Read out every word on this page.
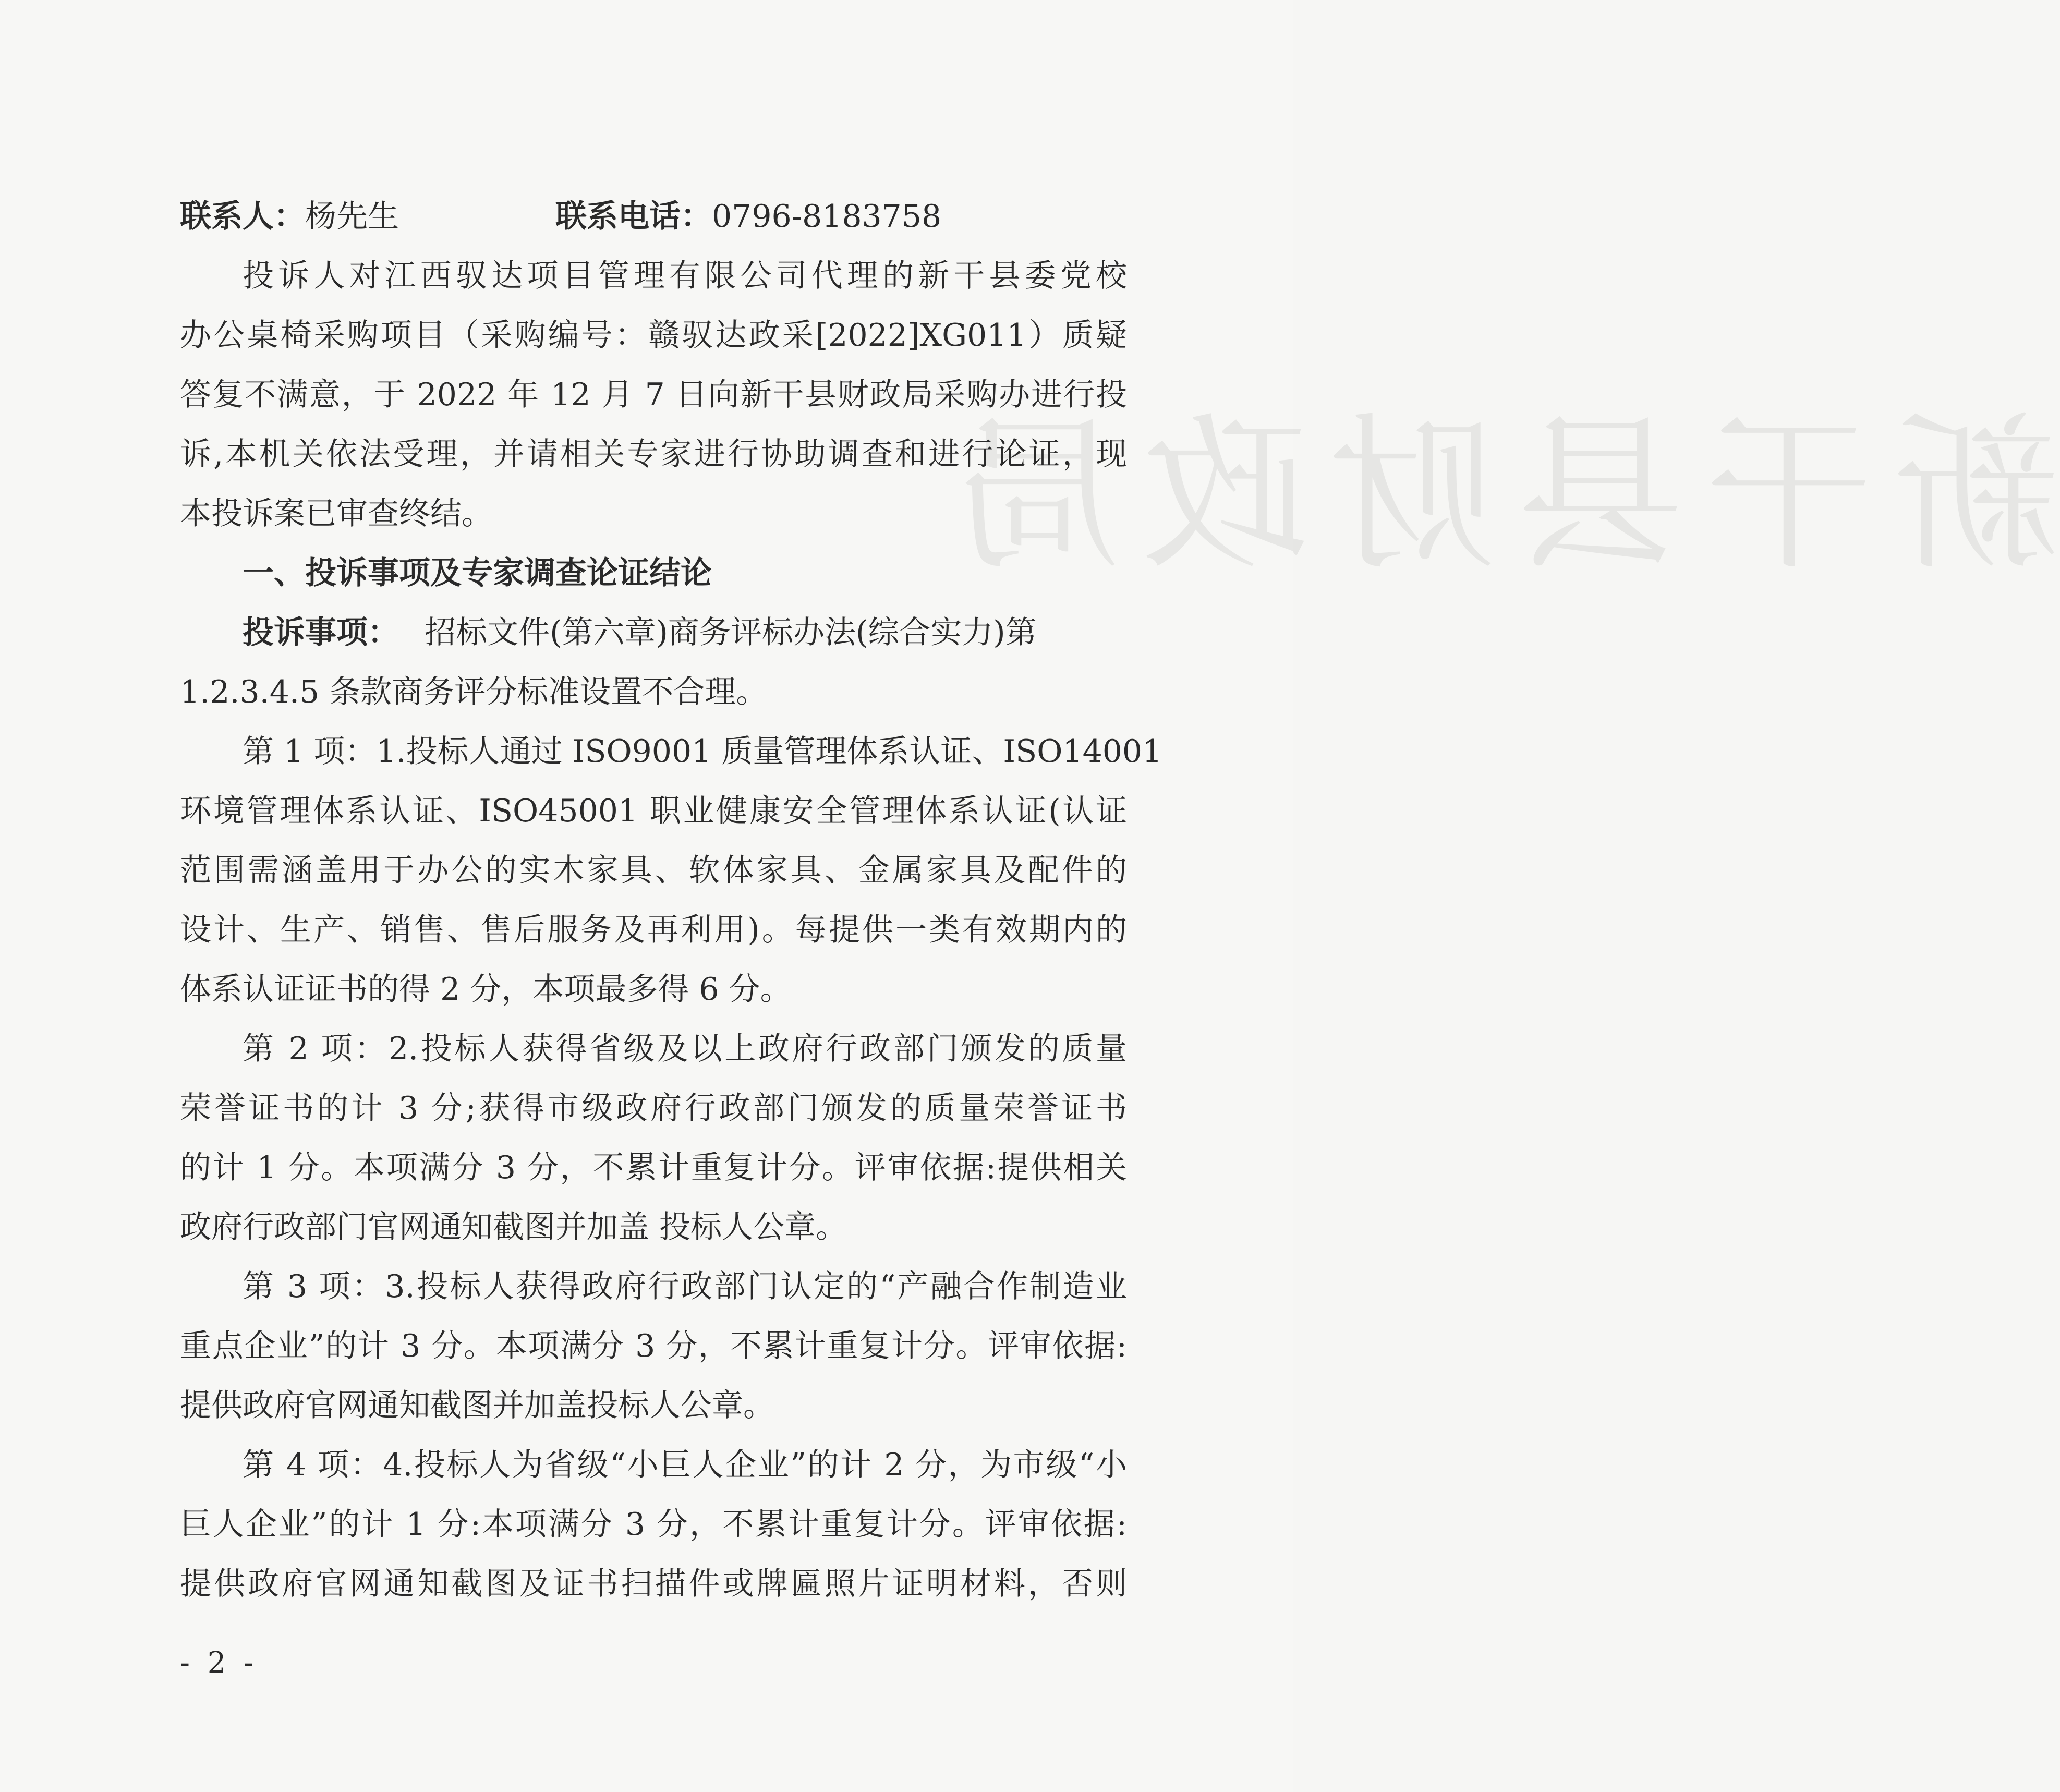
新干县财政局
联系人：杨先生	联系电话：0796-8183758
投诉人对江西驭达项目管理有限公司代理的新干县委党校
办公桌椅采购项目（采购编号：赣驭达政采[2022]XG011）质疑
答复不满意，于 2022 年 12 月 7 日向新干县财政局采购办进行投
诉,本机关依法受理，并请相关专家进行协助调查和进行论证，现
本投诉案已审查终结。
一、投诉事项及专家调查论证结论
投诉事项： 招标文件(第六章)商务评标办法(综合实力)第
1.2.3.4.5 条款商务评分标准设置不合理。
第 1 项：1.投标人通过 ISO9001 质量管理体系认证、ISO14001
环境管理体系认证、ISO45001 职业健康安全管理体系认证(认证
范围需涵盖用于办公的实木家具、软体家具、金属家具及配件的
设计、生产、销售、售后服务及再利用)。每提供一类有效期内的
体系认证证书的得 2 分，本项最多得 6 分。
第 2 项：2.投标人获得省级及以上政府行政部门颁发的质量
荣誉证书的计 3 分;获得市级政府行政部门颁发的质量荣誉证书
的计 1 分。本项满分 3 分，不累计重复计分。评审依据:提供相关
政府行政部门官网通知截图并加盖 投标人公章。
第 3 项：3.投标人获得政府行政部门认定的“产融合作制造业
重点企业”的计 3 分。本项满分 3 分，不累计重复计分。评审依据:
提供政府官网通知截图并加盖投标人公章。
第 4 项：4.投标人为省级“小巨人企业”的计 2 分，为市级“小
巨人企业”的计 1 分:本项满分 3 分，不累计重复计分。评审依据:
提供政府官网通知截图及证书扫描件或牌匾照片证明材料，否则
- 2 -
